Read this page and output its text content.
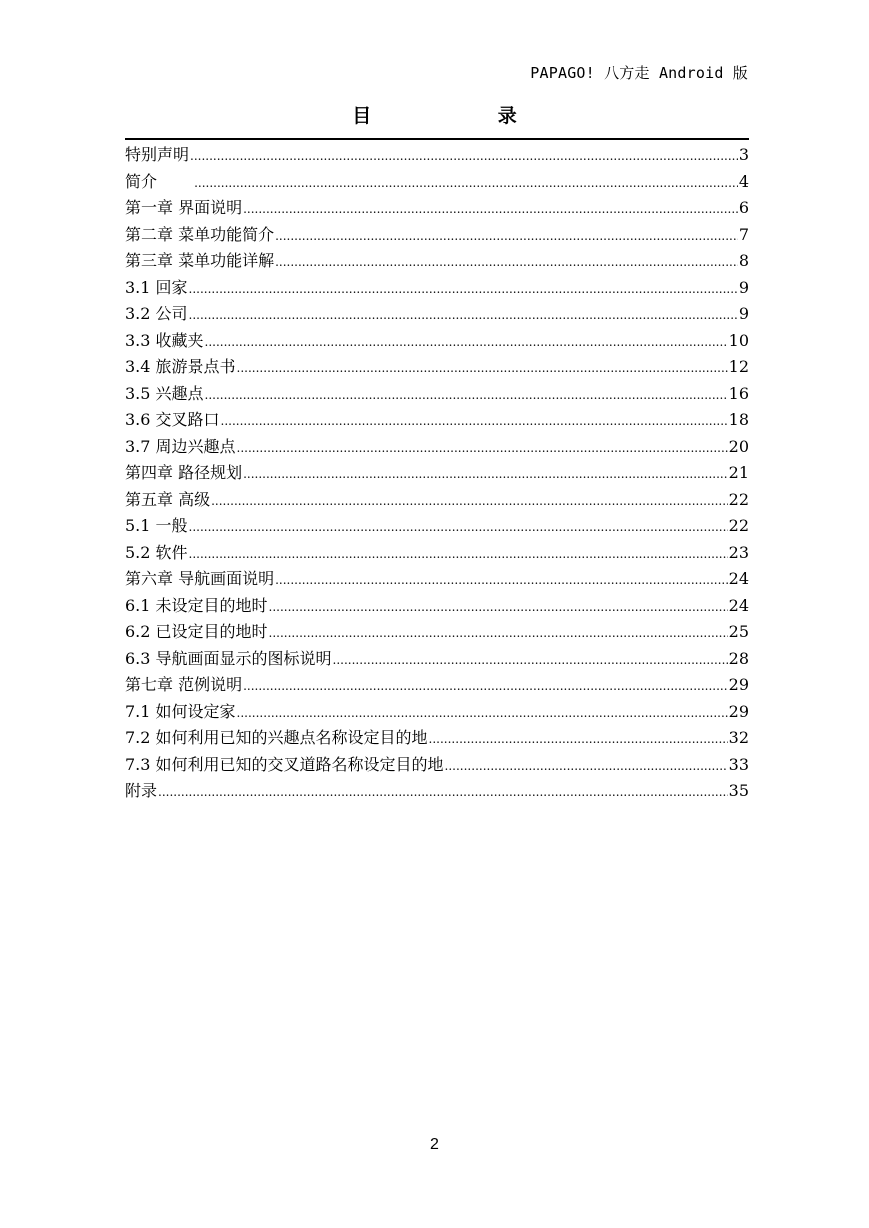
PAPAGO! 八方走 Android 版
目 录
特别声明 .....	3
简介 .....	4
第一章 界面说明 .....	6
第二章 菜单功能简介 .....	7
第三章 菜单功能详解 .....	8
3.1 回家 .....	9
3.2 公司 .....	9
3.3 收藏夹 .....	10
3.4 旅游景点书 .....	12
3.5 兴趣点 .....	16
3.6 交叉路口 .....	18
3.7 周边兴趣点 .....	20
第四章 路径规划 .....	21
第五章 高级 .....	22
5.1 一般 .....	22
5.2 软件 .....	23
第六章 导航画面说明 .....	24
6.1 未设定目的地时 .....	24
6.2 已设定目的地时 .....	25
6.3 导航画面显示的图标说明 .....	28
第七章 范例说明 .....	29
7.1 如何设定家 .....	29
7.2 如何利用已知的兴趣点名称设定目的地 .....	32
7.3 如何利用已知的交叉道路名称设定目的地 .....	33
附录 .....	35
2
